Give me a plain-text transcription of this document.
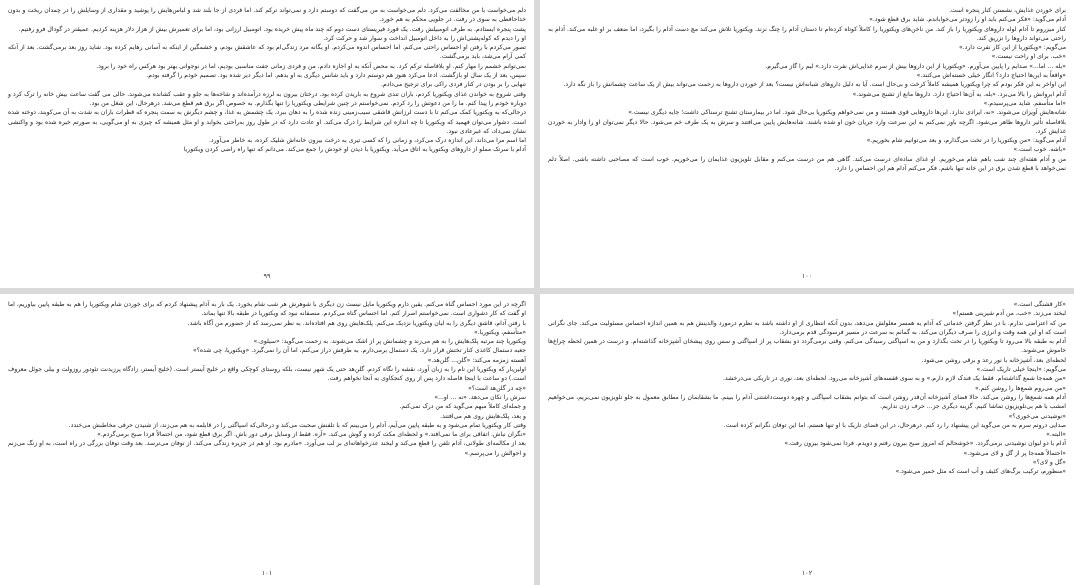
دلم می‌خواست با من مخالفت می‌کرد. دلم می‌خواست به من می‌گفت که دوستم دارد و نمی‌تواند ترکم کند. اما فردی از جا بلند شد و لباس‌هایش را پوشید و مقداری از وسایلش را در چمدان ریخت و بدون خداحافظی به سوی در رفت. در جلویی محکم به هم خورد.

پشت پنجره ایستادم. به طرف اتومبیلش رفت. یک فورد فیریستای دست دوم که چند ماه پیش خریده بود. اتومبیل ارزانی بود، اما برای تعمیرش بیش از هزار دلار هزینه کردیم. عمیقتر در گودال فرو رفتیم.

او را دیدم که کوله‌پشتی‌اش را به داخل اتومبیل انداخت و سوار شد و حرکت کرد.

تصور می‌کردم با رفتن او احساس راحتی می‌کنم. اما احساس اندوه می‌کردم. او یگانه مرد زندگی‌ام بود که عاشقش بودم، و خشمگین از اینکه به آسانی رهایم کرده بود. شاید روز بعد برمی‌گشت. بعد از آنکه کمی آرام می‌شد، باید برمی‌گشت.

نمی‌توانم خشمم را مهار کنم. او بلافاصله ترکم کرد. به محض آنکه به او اجازه دادم. من و فردی زمانی جفت مناسبی بودیم، اما در نوجوانی بهتر بود هرکس راه خود را برود.

سپس، بعد از یک سال او بازگشت. ادعا می‌کرد هنوز هم دوستم دارد و باید شانس دیگری به او بدهم. اما دیگر دیر شده بود. تصمیم خودم را گرفته بودم.

تنهایی را بر بودن در کنار فردی راکی برای ترجیح می‌دادم.

وقتی شروع به خواندن غذای ویکتوریا کردم، باران تندی شروع به باریدن کرده بود. درختان بیرون به لرزه درآمده‌اند و شاخه‌ها به جلو و عقب کشانده می‌شوند. حالی می‌ گفت ساعت بیش خانه را ترک کرد و دوباره خودم را پیدا کنم. ما را من دعوتش را رد کردم. نمی‌خواستم در چنین شرایطی ویکتوریا را تنها بگذارم. به خصوص اگر برق هم قطع می‌شد. درهرحال، این شغل من بود.

درحالی‌که به ویکتوریا کمک می‌کنم تا با دست لرزانش قاشقی سیب‌زمینی زنده شده را به دهان ببرد، یک چشمش به غذا، و چشم دیگرش به سمت پنجره که قطرات باران به شدت به آن می‌کوبند، دوخته شده است. دشوار می‌توان فهمید که ویکتوریا تا چه اندازه این شرایط را درک می‌کند. او عادت دارد که در طول روز به‌راحتی بخوابد و او مثل همیشه که چیزی به او می‌گویی، به صورتم خیره شده بود و واکنشی نشان نمی‌داد، که غیرعادی نبود.

اما اسم مرا می‌داند، این اندازه درک می‌کرد، و زمانی را که کسی تیری به درخت بیرون خانه‌اش شلیک کرده، به خاطر می‌آورد.

آدام با سرتک مملو از داروهای ویکتوریا به اتاق می‌آید. ویکتوریا با دیدن او خودش را جمع می‌کند. می‌دانم که تنها راه راضی کردن ویکتوریا

۹۹

برای خوردن غذایش، نشستن کنار پنجره است.

آدام می‌گوید: «فکر می‌کنم باید او را زودتر می‌خواباندم. شاید برق قطع شود.»

کنار میزروم تا آدام لوله داروهای ویکتوریا را باز کند. من ناخن‌های ویکتوریا را کاملاً کوتاه کرده‌ام تا دستان آدام را چنگ نزند. ویکتوریا تلاش می‌کند مچ دست آدام را بگیرد، اما ضعف بر او غلبه می‌کند. آدام به راحتی می‌تواند داروها را تزریق کند.

می‌گویم: «ویکتوریا از این کار نفرت دارد.»

«خب. برای او راحت نیست.»

«بله ... اما...» صدایم را پایین می‌آورم. «ویکتوریا از این داروها بیش از سرم غذایی‌اش نفرت دارد.» لبم را گاز می‌گیرم.

«واقعاً به این‌ها احتیاج دارد؟ انگار خیلی خسته‌اش می‌کنند.»

این اواخر به این فکر بودم که چرا ویکتوریا همیشه کاملاً کرخت و بی‌حال است. آیا به دلیل داروهای شبانه‌اش نیست؟ بعد از خوردن داروها به زحمت می‌تواند بیش از یک ساعت چشمانش را باز نگه دارد.

آدام ابروانش را بالا می‌برد. «بله. به آن‌ها احتیاج دارد. داروها مانع از تشنج می‌شوند.»

«اما متأسفم. شاید می‌پرسیدم.»

شانه‌هایش آویزان می‌شوند. «نه، ایرادی ندارد. این‌ها داروهایی قوی هستند و من نمی‌خواهم ویکتوریا بی‌حال شود. اما در بیمارستان تشنج ترسناکی داشت؛ جایه دیگری نیست.»

بلافاصله تأثیر داروها ظاهر می‌شود. اگرچه باور نمی‌کنم به این سرعت وارد جریان خون او شده باشند. شانه‌هایش پایین می‌افتند و سرش به یک طرف خم می‌شود. حالا دیگر نمی‌توان او را وادار به خوردن غذایش کرد.

آدام می‌گوید: «من ویکتوریا را در تخت می‌گذارم، و بعد می‌توانیم شام بخوریم.»

«باشه. خوب است.»

من و آدام هفته‌ای چند شب باهم شام می‌خوریم. او غذای ساده‌ای درست می‌کند. گاهی هم من درست می‌کنم و مقابل تلویزیون غذایمان را می‌خوریم. خوب است که مصاحبی داشته باشی. اصلاً دلم نمی‌خواهد با قطع شدن برق در این خانه تنها باشم. فکر می‌کنم آدام هم این احساس را دارد.

۱۰۰

اگرچه در این مورد احساس گناه می‌کنم. یقین دارم ویکتوریا مایل نیست زن دیگری با شوهرش هر شب شام بخورد. یک بار به آدام پیشنهاد کردم که برای خوردن شام ویکتوریا را هم به طبقه پایین بیاوریم، اما او گفت که کار دشواری است. نمی‌خواستم اصرار کنم. اما احساس گناه می‌کردم. منصفانه نبود که ویکتوریا در طبقه بالا تنها بماند.

با رفتن آدام، قاشق دیگری را به لبان ویکتوریا نزدیک می‌کنم. پلک‌هایش روی هم افتاده‌اند. به نظر نمی‌رسد که از حضورم من آگاه باشد.

«متأسفم، ویکتوریا.»

ویکتوریا چند مرتبه پلک‌هایش را به هم می‌زند و چشمانش پر از اشک می‌شوند. به زحمت می‌گوید: «سیلوی.»

جعبه دستمال کاغذی کنار تختش قرار دارد. یک دستمال برمی‌دارم. به طرفش دراز می‌کنم، اما آن را نمی‌گیرد. «ویکتوریا، چی شده؟»

آهسته زمزمه می‌کند: «گلن... گلن‌هد.»

اولین‌بار که ویکتوریا این نام را به زبان آورد، نقشه را نگاه کردم. گلن‌هد حتی یک شهر نیست، بلکه روستای کوچکی واقع در خلیج آیستر است. (خلیج آیستر، زادگاه پرزیدنت تئودور روزولت و بیلی جوئل معروف است.) دو ساعت با اینجا فاصله دارد پس از روی کنجکاوی به آنجا نخواهم رفت.

«چه در گلن‌هد است؟»

سرش را تکان می‌دهد. «نه ... او...»

و جمله‌ای کاملاً مبهم می‌گوید که من درک نمی‌کنم.

و بعد، پلک‌هایش روی هم می‌افتند.

وقتی کار ویکتوریا تمام می‌شود و به طبقه پایین می‌آیم، آدام را می‌بینم که با تلفنش صحبت می‌کند و درحالی‌که اسپاگتی را در قابلمه به هم می‌زند، از شنیدن حرفی مخاطبش می‌خندد.

«نگران نباش. اتفاقی برای ما نمی‌افتد.» و لحظه‌ای مکث کرده و گوش می‌کند. «آره. فقط از وسایل برقی دور باش. اگر برق قطع شود، من احتمالاً فردا صبح برمی‌گردم.»

بعد از مکالمه‌ای طولانی، آدام تلفن را قطع می‌کند و لبخند عذرخواهانه‌ای بر لب می‌آورد. «مادرم بود. او هم در جزیره زندگی می‌کند. از توفان می‌ترسد. بعد وقت توفان بزرگی در راه است، به او زنگ می‌زنم و احوالش را می‌پرسم.»

۱۰۱

«کار قشنگی است.»

لبخند می‌زند. «خب، من آدم شیرینی هستم!»

من که اعتراضی ندارم. با در نظر گرفتن خدماتی که آدام به همسر معلولش می‌دهد، بدون آنکه انتظاری از او داشته باشد به نظرم درمورد والدینش هم به همین اندازه احساس مسئولیت می‌کند. جای نگرانی است که او این همه وقت و انرژی را صرف دیگران می‌کند. به گمانم به سرعت در مسیر فرسودگی قدم برمی‌دارد.

آدام به طبقه بالا می‌رود تا ویکتوریا را در تخت بگذارد و من به اسپاگتی رسیدگی می‌کنم. وقتی برمی‌گردد دو بشقاب پر از اسپاگتی و سس روی پیشخان آشپزخانه گذاشته‌ام. و درست در همین لحظه چراغ‌ها خاموش می‌شوند.

لحظه‌ای بعد، آشپزخانه با نور رعد و برقی روشن می‌شود.

می‌گویم: «اینجا خیلی تاریک است.»

«من همه‌جا شمع گذاشته‌ام. فقط یک فندک لازم دارم.» و به سوی قفسه‌های آشپزخانه می‌رود. لحظه‌ای بعد، نوری در تاریکی می‌درخشد.

«من می‌روم شمع‌ها را روشن کنم.»

آدام همه شمع‌ها را روشن می‌کند. حالا فضای آشپزخانه آن‌قدر روشن است که بتوانم بشقاب اسپاگتی و چهره دوست‌داشتنی آدام را ببینم. ما بشقابمان را مطابق معمول به جلو تلویزیون نمی‌بریم، می‌خواهیم امشب با هم بی‌تلویزیون تماشا کنیم. گزینه دیگری جز... حرف زدن نداریم.

«نوشیدنی می‌خوری؟»

صدایی درونم سرم به من می‌گوید این پیشنهاد را رد کنم. درهرحال، در این فضای تاریک با او تنها هستم. اما این توفان نگرانم کرده است.

«البته.»

آدام با دو لیوان نوشیدنی برمی‌گردد. «خوشحالم که امروز صبح بیرون رفتم و دویدم. فردا نمی‌شود بیرون رفت.»

«احتمالاً همه‌جا پر از گل و لای می‌شود.»

«گل و لای؟»

«منظورم، ترکیب برگ‌های کثیف و آب است که مثل خمیر می‌شود.»

۱۰۲
